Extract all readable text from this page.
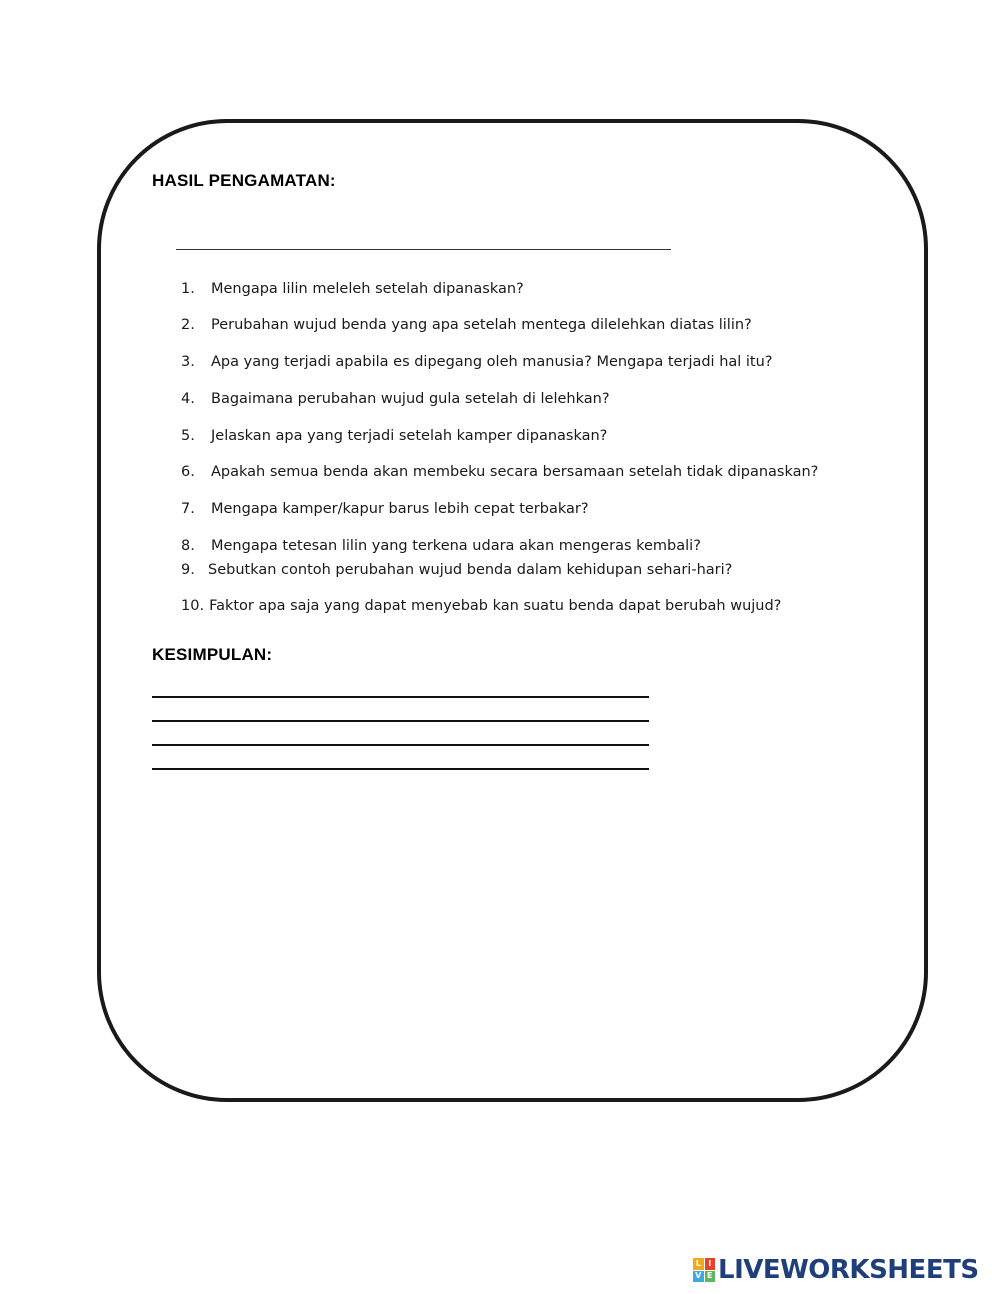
HASIL PENGAMATAN:
1. Mengapa lilin meleleh setelah dipanaskan?
2. Perubahan wujud benda yang apa setelah mentega dilelehkan diatas lilin?
3. Apa yang terjadi apabila es dipegang oleh manusia? Mengapa terjadi hal itu?
4. Bagaimana perubahan wujud gula setelah di lelehkan?
5. Jelaskan apa yang terjadi setelah kamper dipanaskan?
6. Apakah semua benda akan membeku secara bersamaan setelah tidak dipanaskan?
7. Mengapa kamper/kapur barus lebih cepat terbakar?
8. Mengapa tetesan lilin yang terkena udara akan mengeras kembali?
9. Sebutkan contoh perubahan wujud benda dalam kehidupan sehari-hari?
10. Faktor apa saja yang dapat menyebab kan suatu benda dapat berubah wujud?
KESIMPULAN:
L I
V E LIVEWORKSHEETS
